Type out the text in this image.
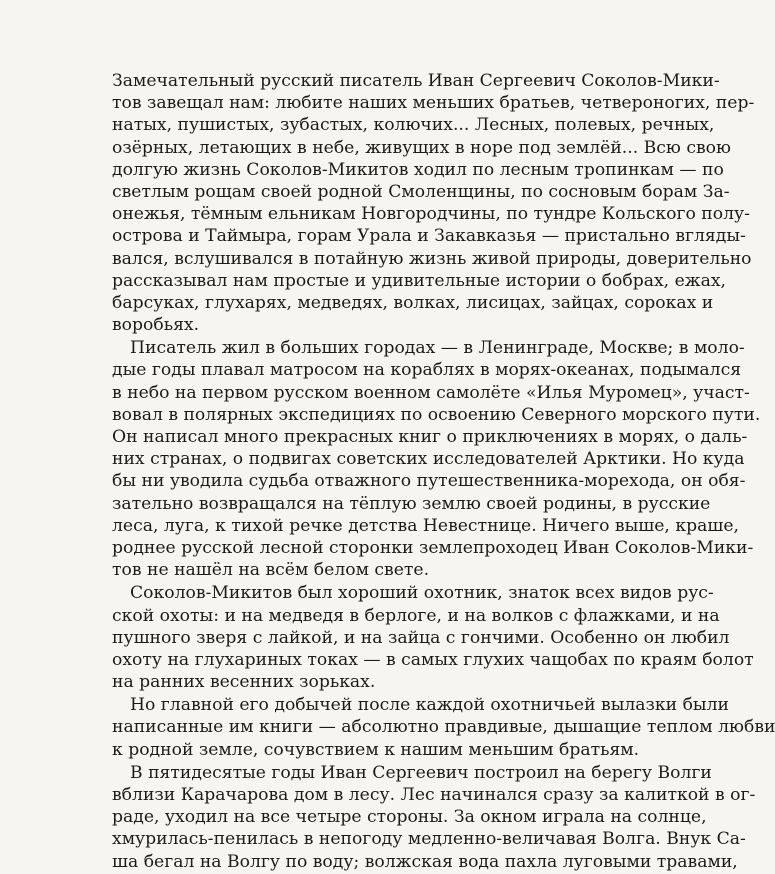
Замечательный русский писатель Иван Сергеевич Соколов-Мики-
тов завещал нам: любите наших меньших братьев, четвероногих, пер-
натых, пушистых, зубастых, колючих... Лесных, полевых, речных,
озёрных, летающих в небе, живущих в норе под землёй... Всю свою
долгую жизнь Соколов-Микитов ходил по лесным тропинкам — по
светлым рощам своей родной Смоленщины, по сосновым борам За-
онежья, тёмным ельникам Новгородчины, по тундре Кольского полу-
острова и Таймыра, горам Урала и Закавказья — пристально вгляды-
вался, вслушивался в потайную жизнь живой природы, доверительно
рассказывал нам простые и удивительные истории о бобрах, ежах,
барсуках, глухарях, медведях, волках, лисицах, зайцах, сороках и
воробьях.
Писатель жил в больших городах — в Ленинграде, Москве; в моло-
дые годы плавал матросом на кораблях в морях-океанах, подымался
в небо на первом русском военном самолёте «Илья Муромец», участ-
вовал в полярных экспедициях по освоению Северного морского пути.
Он написал много прекрасных книг о приключениях в морях, о даль-
них странах, о подвигах советских исследователей Арктики. Но куда
бы ни уводила судьба отважного путешественника-морехода, он обя-
зательно возвращался на тёплую землю своей родины, в русские
леса, луга, к тихой речке детства Невестнице. Ничего выше, краше,
роднее русской лесной сторонки землепроходец Иван Соколов-Мики-
тов не нашёл на всём белом свете.
Соколов-Микитов был хороший охотник, знаток всех видов рус-
ской охоты: и на медведя в берлоге, и на волков с флажками, и на
пушного зверя с лайкой, и на зайца с гончими. Особенно он любил
охоту на глухариных токах — в самых глухих чащобах по краям болот
на ранних весенних зорьках.
Но главной его добычей после каждой охотничьей вылазки были
написанные им книги — абсолютно правдивые, дышащие теплом любви
к родной земле, сочувствием к нашим меньшим братьям.
В пятидесятые годы Иван Сергеевич построил на берегу Волги
вблизи Карачарова дом в лесу. Лес начинался сразу за калиткой в ог-
раде, уходил на все четыре стороны. За окном играла на солнце,
хмурилась-пенилась в непогоду медленно-величавая Волга. Внук Са-
ша бегал на Волгу по воду; волжская вода пахла луговыми травами,
